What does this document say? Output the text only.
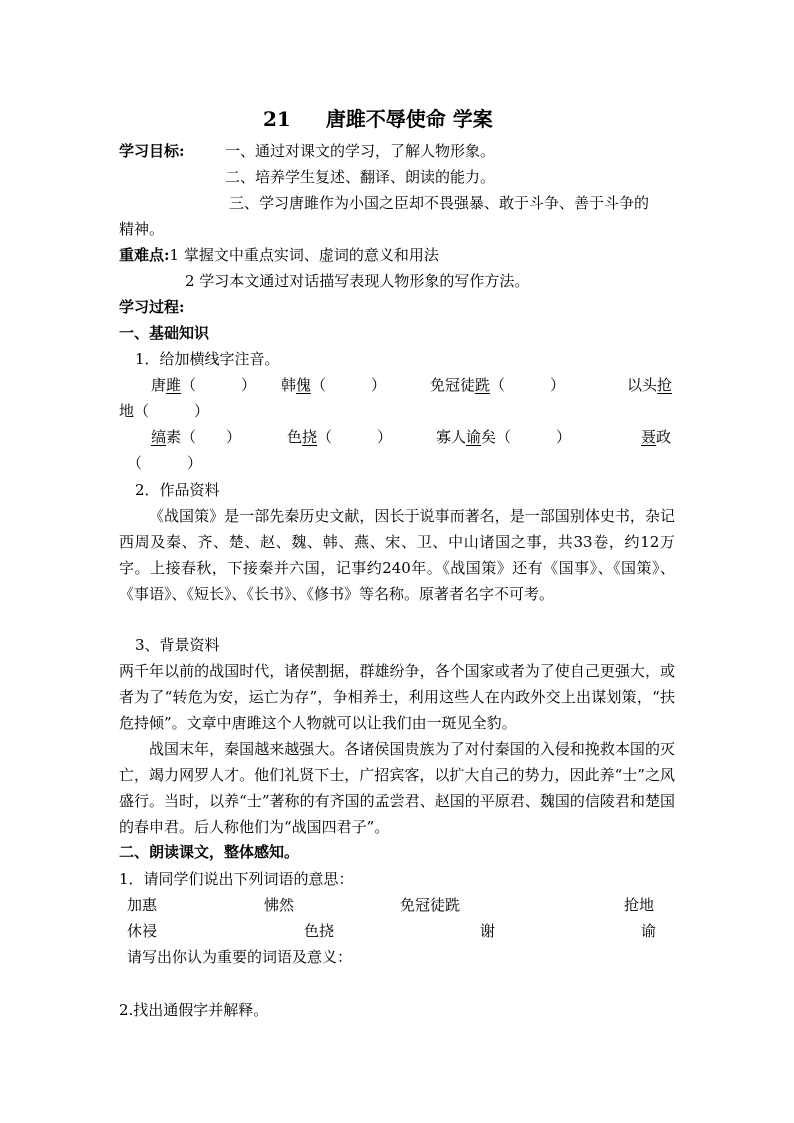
21 唐雎不辱使命 学案
学习目标:	一、通过对课文的学习，了解人物形象。
二、培养学生复述、翻译、朗读的能力。
三、学习唐雎作为小国之臣却不畏强暴、敢于斗争、善于斗争的
精神。
重难点:1 掌握文中重点实词、虚词的意义和用法
2 学习本文通过对话描写表现人物形象的写作方法。
学习过程:
一、基础知识
1．给加横线字注音。
唐雎（　　　） 韩傀（　　　）	免冠徒跣（　　　）	以头抢
地（　　　）
缟素（　　）	色挠（　　　）	寡人谕矣（　　　）	聂政
（　　　）
2．作品资料
《战国策》是一部先秦历史文献，因长于说事而著名，是一部国别体史书，杂记西周及秦、齐、楚、赵、魏、韩、燕、宋、卫、中山诸国之事，共33卷，约12万字。上接春秋，下接秦并六国，记事约240年。《战国策》还有《国事》、《国策》、《事语》、《短长》、《长书》、《修书》等名称。原著者名字不可考。
3、背景资料
两千年以前的战国时代，诸侯割据，群雄纷争，各个国家或者为了使自己更强大，或者为了“转危为安，运亡为存”，争相养士，利用这些人在内政外交上出谋划策，“扶危持倾”。文章中唐雎这个人物就可以让我们由一斑见全豹。
战国末年，秦国越来越强大。各诸侯国贵族为了对付秦国的入侵和挽救本国的灭亡，竭力网罗人才。他们礼贤下士，广招宾客，以扩大自己的势力，因此养“士”之风盛行。当时，以养“士”著称的有齐国的孟尝君、赵国的平原君、魏国的信陵君和楚国的春申君。后人称他们为“战国四君子”。
二、朗读课文，整体感知。
1．请同学们说出下列词语的意思：
加惠	怫然	免冠徒跣	抢地
休祲	色挠	谢	谕
请写出你认为重要的词语及意义：
2.找出通假字并解释。
